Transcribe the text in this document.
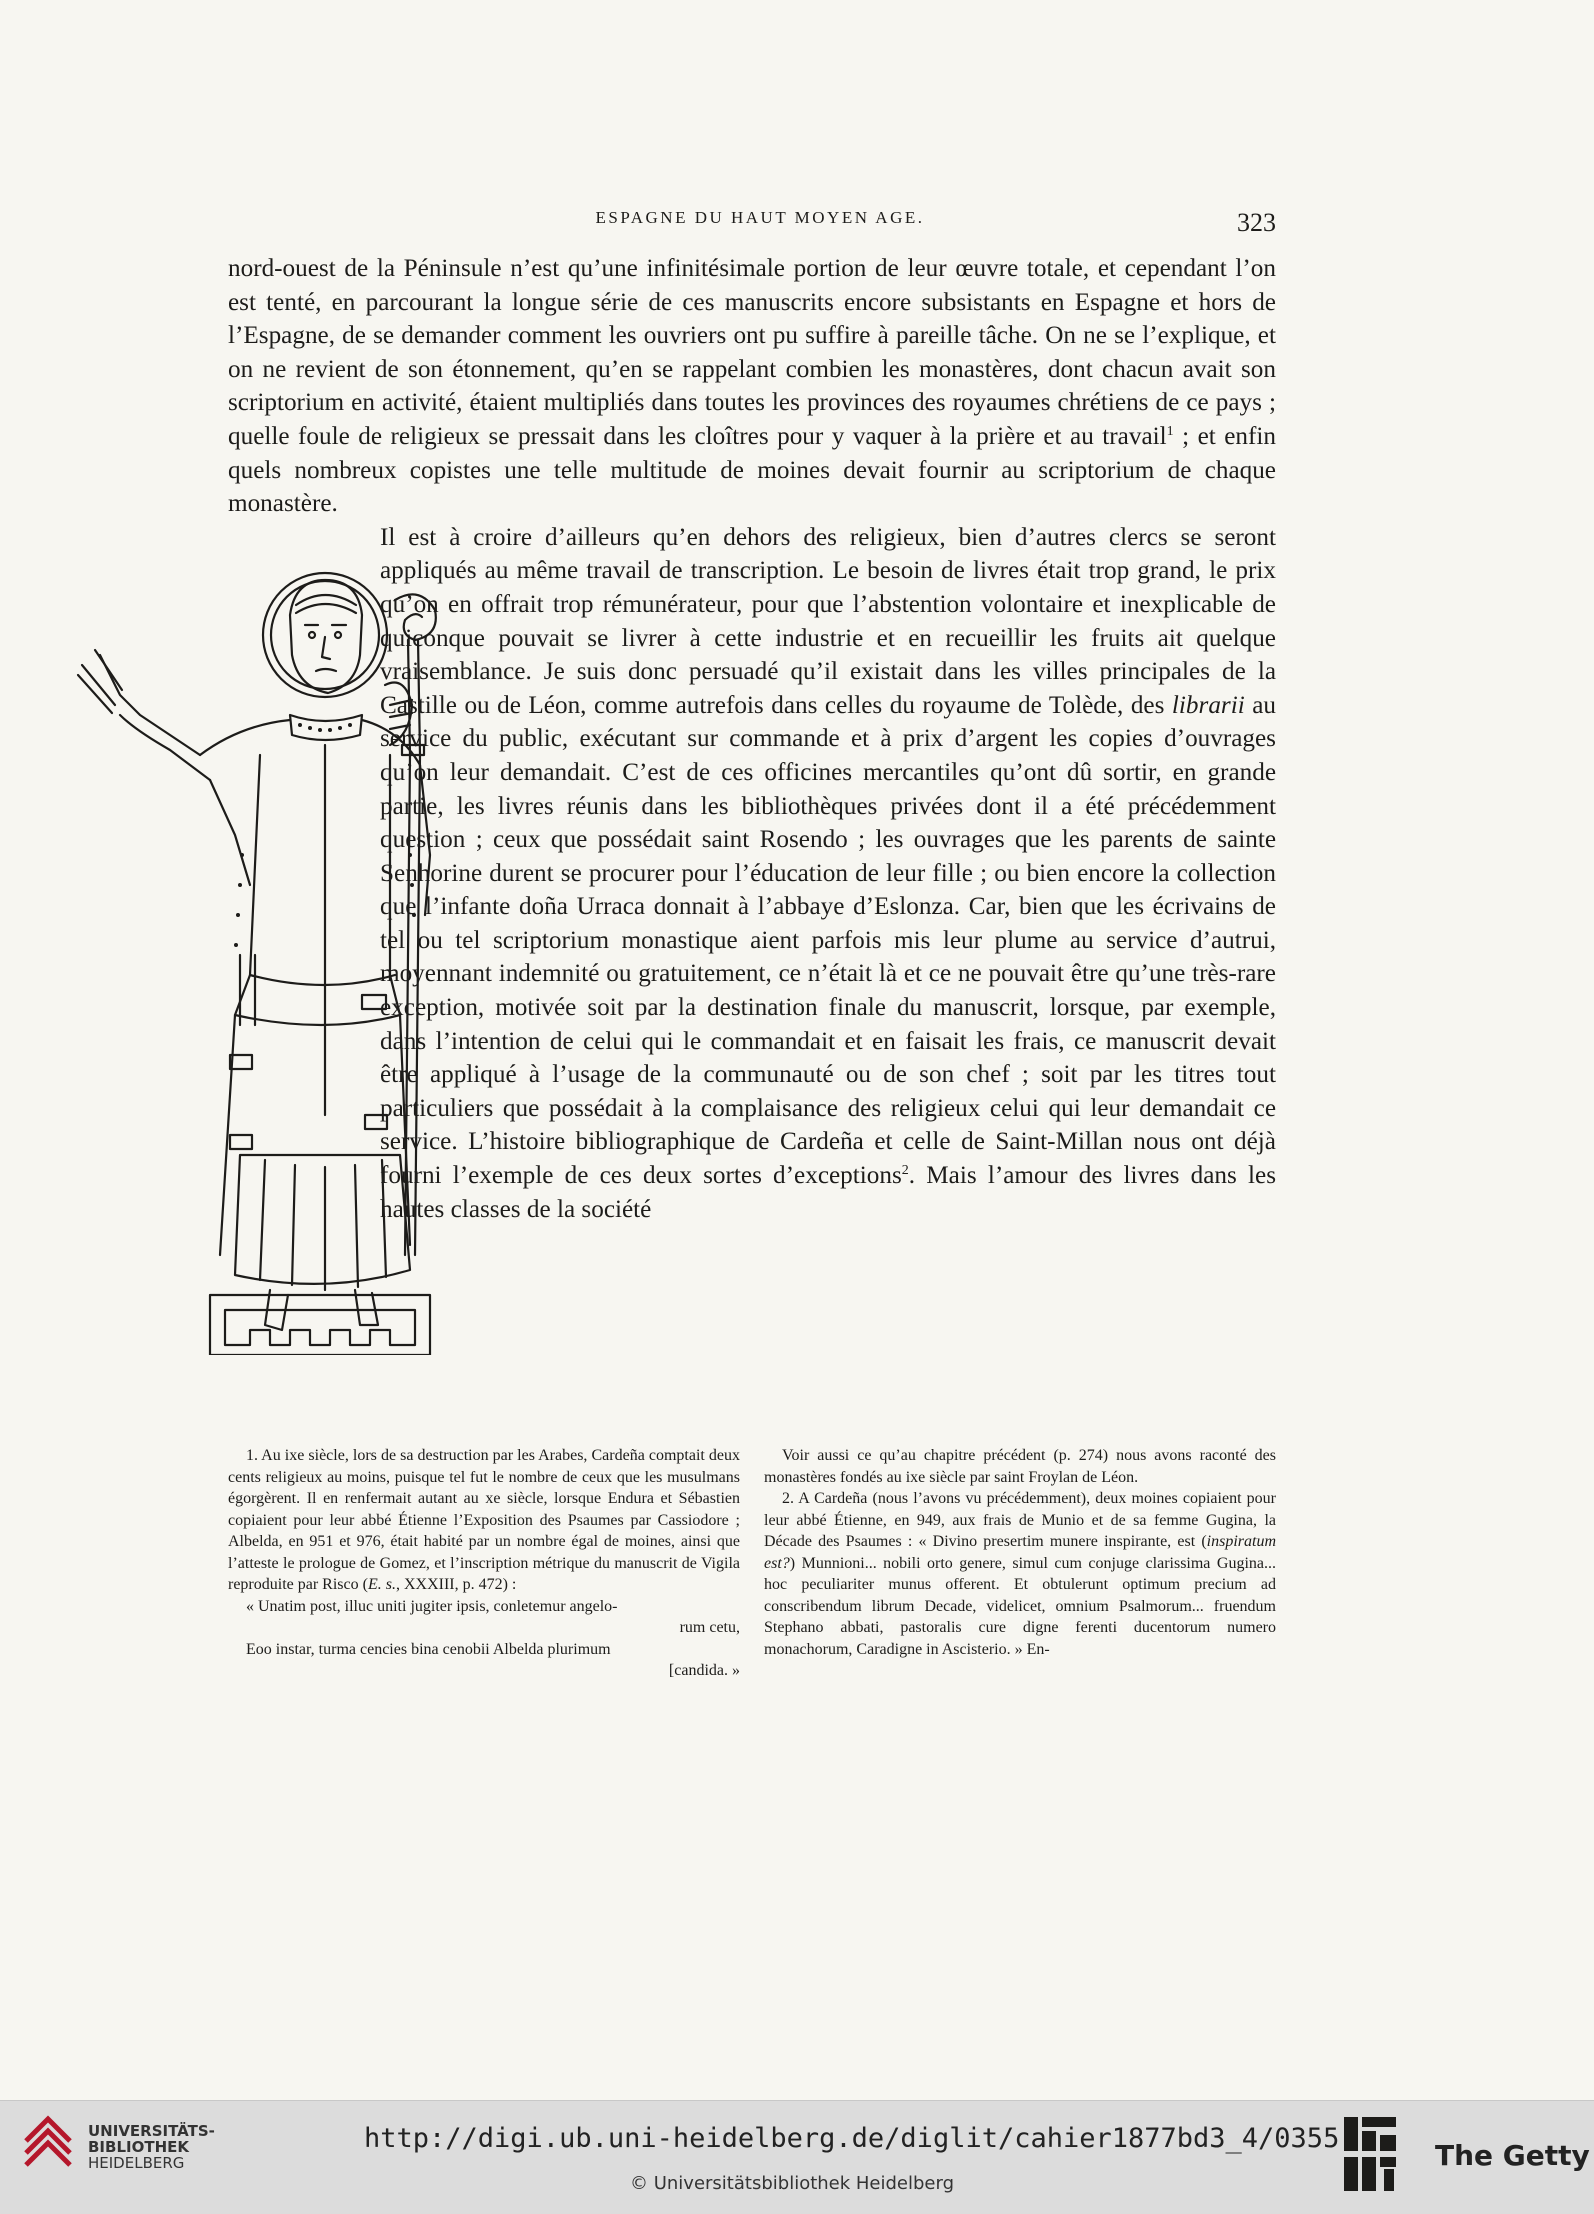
ESPAGNE DU HAUT MOYEN AGE.	323

nord-ouest de la Péninsule n’est qu’une infinitésimale portion de leur œuvre totale, et cependant l’on est tenté, en parcourant la longue série de ces manuscrits encore subsistants en Espagne et hors de l’Espagne, de se demander comment les ouvriers ont pu suffire à pareille tâche. On ne se l’explique, et on ne revient de son étonnement, qu’en se rappelant combien les monastères, dont chacun avait son scriptorium en activité, étaient multipliés dans toutes les provinces des royaumes chrétiens de ce pays ; quelle foule de religieux se pressait dans les cloîtres pour y vaquer à la prière et au travail$^1$ ; et enfin quels nombreux copistes une telle multitude de moines devait fournir au scriptorium de chaque monastère.

Il est à croire d’ailleurs qu’en dehors des religieux, bien d’autres clercs se seront appliqués au même travail de transcription. Le besoin de livres était trop grand, le prix qu’on en offrait trop rémunérateur, pour que l’abstention volontaire et inexplicable de quiconque pouvait se livrer à cette industrie et en recueillir les fruits ait quelque vraisemblance. Je suis donc persuadé qu’il existait dans les villes principales de la Castille ou de Léon, comme autrefois dans celles du royaume de Tolède, des librarii au service du public, exécutant sur commande et à prix d’argent les copies d’ouvrages qu’on leur demandait. C’est de ces officines mercantiles qu’ont dû sortir, en grande partie, les livres réunis dans les bibliothèques privées dont il a été précédemment question ; ceux que possédait saint Rosendo ; les ouvrages que les parents de sainte Senhorine durent se procurer pour l’éducation de leur fille ; ou bien encore la collection que l’infante doña Urraca donnait à l’abbaye d’Eslonza. Car, bien que les écrivains de tel ou tel scriptorium monastique aient parfois mis leur plume au service d’autrui, moyennant indemnité ou gratuitement, ce n’était là et ce ne pouvait être qu’une très-rare exception, motivée soit par la destination finale du manuscrit, lorsque, par exemple, dans l’intention de celui qui le commandait et en faisait les frais, ce manuscrit devait être appliqué à l’usage de la communauté ou de son chef ; soit par les titres tout particuliers que possédait à la complaisance des religieux celui qui leur demandait ce service. L’histoire bibliographique de Cardeña et celle de Saint-Millan nous ont déjà fourni l’exemple de ces deux sortes d’exceptions$^2$. Mais l’amour des livres dans les hautes classes de la société

1. Au ixe siècle, lors de sa destruction par les Arabes, Cardeña comptait deux cents religieux au moins, puisque tel fut le nombre de ceux que les musulmans égorgèrent. Il en renfermait autant au xe siècle, lorsque Endura et Sébastien copiaient pour leur abbé Étienne l’Exposition des Psaumes par Cassiodore ; Albelda, en 951 et 976, était habité par un nombre égal de moines, ainsi que l’atteste le prologue de Gomez, et l’inscription métrique du manuscrit de Vigila reproduite par Risco (E. s., XXXIII, p. 472) :

« Unatim post, illuc uniti jugiter ipsis, conletemur angelo-

rum cetu,

Eoo instar, turma cencies bina cenobii Albelda plurimum

[candida. »

Voir aussi ce qu’au chapitre précédent (p. 274) nous avons raconté des monastères fondés au ixe siècle par saint Froylan de Léon.

2. A Cardeña (nous l’avons vu précédemment), deux moines copiaient pour leur abbé Étienne, en 949, aux frais de Munio et de sa femme Gugina, la Décade des Psaumes : « Divino presertim munere inspirante, est (inspiratum est?) Munnioni... nobili orto genere, simul cum conjuge clarissima Gugina... hoc peculiariter munus offerent. Et obtulerunt optimum precium ad conscribendum librum Decade, videlicet, omnium Psalmorum... fruendum Stephano abbati, pastoralis cure digne ferenti ducentorum numero monachorum, Caradigne in Ascisterio. » En-

UNIVERSITÄTS-
BIBLIOTHEK
HEIDELBERG
http://digi.ub.uni-heidelberg.de/diglit/cahier1877bd3_4/0355
© Universitätsbibliothek Heidelberg
The Getty
